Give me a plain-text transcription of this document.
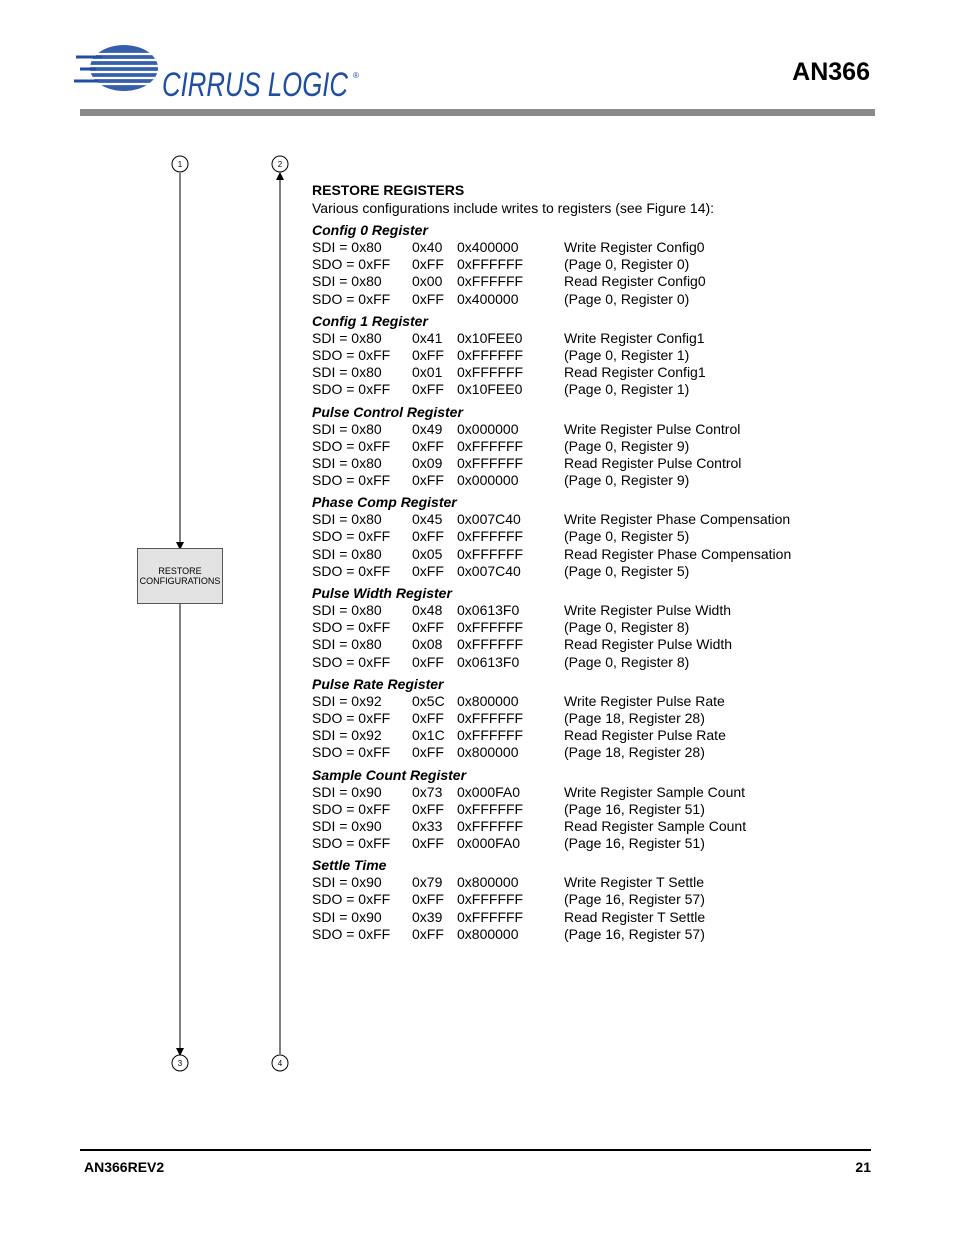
CIRRUS LOGIC ®	AN366
1	2
3	4
RESTORE
CONFIGURATIONS
RESTORE REGISTERS
Various configurations include writes to registers (see Figure 14):
Config 0 Register
SDI = 0x80 0x40 0x400000	Write Register Config0
SDO = 0xFF 0xFF 0xFFFFFF	(Page 0, Register 0)
SDI = 0x80 0x00 0xFFFFFF	Read Register Config0
SDO = 0xFF 0xFF 0x400000	(Page 0, Register 0)
Config 1 Register
SDI = 0x80 0x41 0x10FEE0	Write Register Config1
SDO = 0xFF 0xFF 0xFFFFFF	(Page 0, Register 1)
SDI = 0x80 0x01 0xFFFFFF	Read Register Config1
SDO = 0xFF 0xFF 0x10FEE0	(Page 0, Register 1)
Pulse Control Register
SDI = 0x80 0x49 0x000000	Write Register Pulse Control
SDO = 0xFF 0xFF 0xFFFFFF	(Page 0, Register 9)
SDI = 0x80 0x09 0xFFFFFF	Read Register Pulse Control
SDO = 0xFF 0xFF 0x000000	(Page 0, Register 9)
Phase Comp Register
SDI = 0x80 0x45 0x007C40	Write Register Phase Compensation
SDO = 0xFF 0xFF 0xFFFFFF	(Page 0, Register 5)
SDI = 0x80 0x05 0xFFFFFF	Read Register Phase Compensation
SDO = 0xFF 0xFF 0x007C40	(Page 0, Register 5)
Pulse Width Register
SDI = 0x80 0x48 0x0613F0	Write Register Pulse Width
SDO = 0xFF 0xFF 0xFFFFFF	(Page 0, Register 8)
SDI = 0x80 0x08 0xFFFFFF	Read Register Pulse Width
SDO = 0xFF 0xFF 0x0613F0	(Page 0, Register 8)
Pulse Rate Register
SDI = 0x92 0x5C 0x800000	Write Register Pulse Rate
SDO = 0xFF 0xFF 0xFFFFFF	(Page 18, Register 28)
SDI = 0x92 0x1C 0xFFFFFF	Read Register Pulse Rate
SDO = 0xFF 0xFF 0x800000	(Page 18, Register 28)
Sample Count Register
SDI = 0x90 0x73 0x000FA0	Write Register Sample Count
SDO = 0xFF 0xFF 0xFFFFFF	(Page 16, Register 51)
SDI = 0x90 0x33 0xFFFFFF	Read Register Sample Count
SDO = 0xFF 0xFF 0x000FA0	(Page 16, Register 51)
Settle Time
SDI = 0x90 0x79 0x800000	Write Register T Settle
SDO = 0xFF 0xFF 0xFFFFFF	(Page 16, Register 57)
SDI = 0x90 0x39 0xFFFFFF	Read Register T Settle
SDO = 0xFF 0xFF 0x800000	(Page 16, Register 57)
AN366REV2	21
